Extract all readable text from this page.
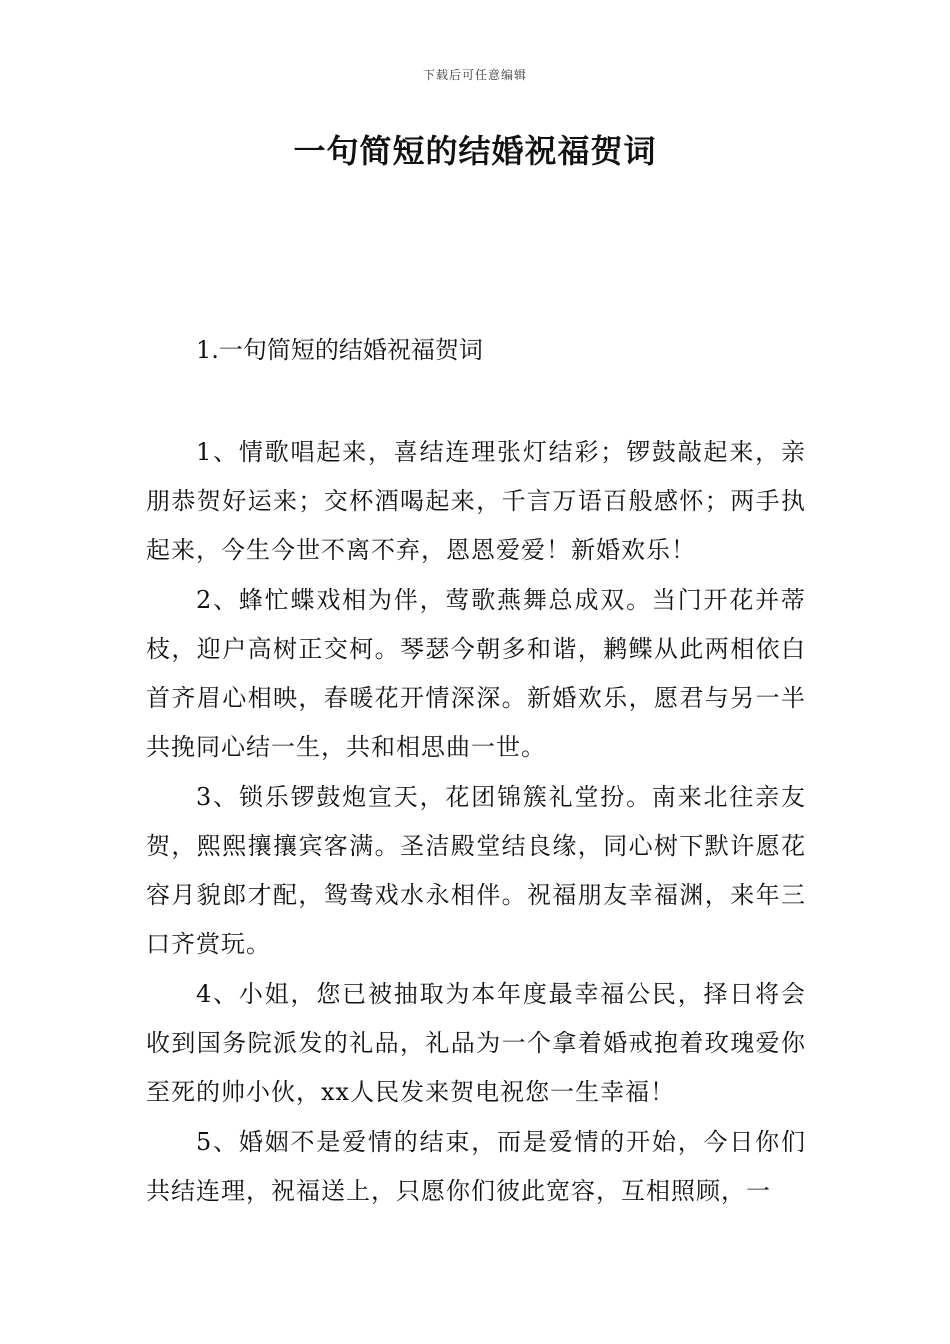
下载后可任意编辑
一句简短的结婚祝福贺词
1.一句简短的结婚祝福贺词

1、情歌唱起来，喜结连理张灯结彩；锣鼓敲起来，亲朋恭贺好运来；交杯酒喝起来，千言万语百般感怀；两手执起来，今生今世不离不弃，恩恩爱爱！新婚欢乐！

2、蜂忙蝶戏相为伴，莺歌燕舞总成双。当门开花并蒂枝，迎户高树正交柯。琴瑟今朝多和谐，鹣鲽从此两相依白首齐眉心相映，春暖花开情深深。新婚欢乐，愿君与另一半共挽同心结一生，共和相思曲一世。

3、锁乐锣鼓炮宣天，花团锦簇礼堂扮。南来北往亲友贺，熙熙攘攘宾客满。圣洁殿堂结良缘，同心树下默许愿花容月貌郎才配，鸳鸯戏水永相伴。祝福朋友幸福渊，来年三口齐赏玩。

4、小姐，您已被抽取为本年度最幸福公民，择日将会收到国务院派发的礼品，礼品为一个拿着婚戒抱着玫瑰爱你至死的帅小伙，xx人民发来贺电祝您一生幸福！

5、婚姻不是爱情的结束，而是爱情的开始，今日你们共结连理，祝福送上，只愿你们彼此宽容，互相照顾，一
